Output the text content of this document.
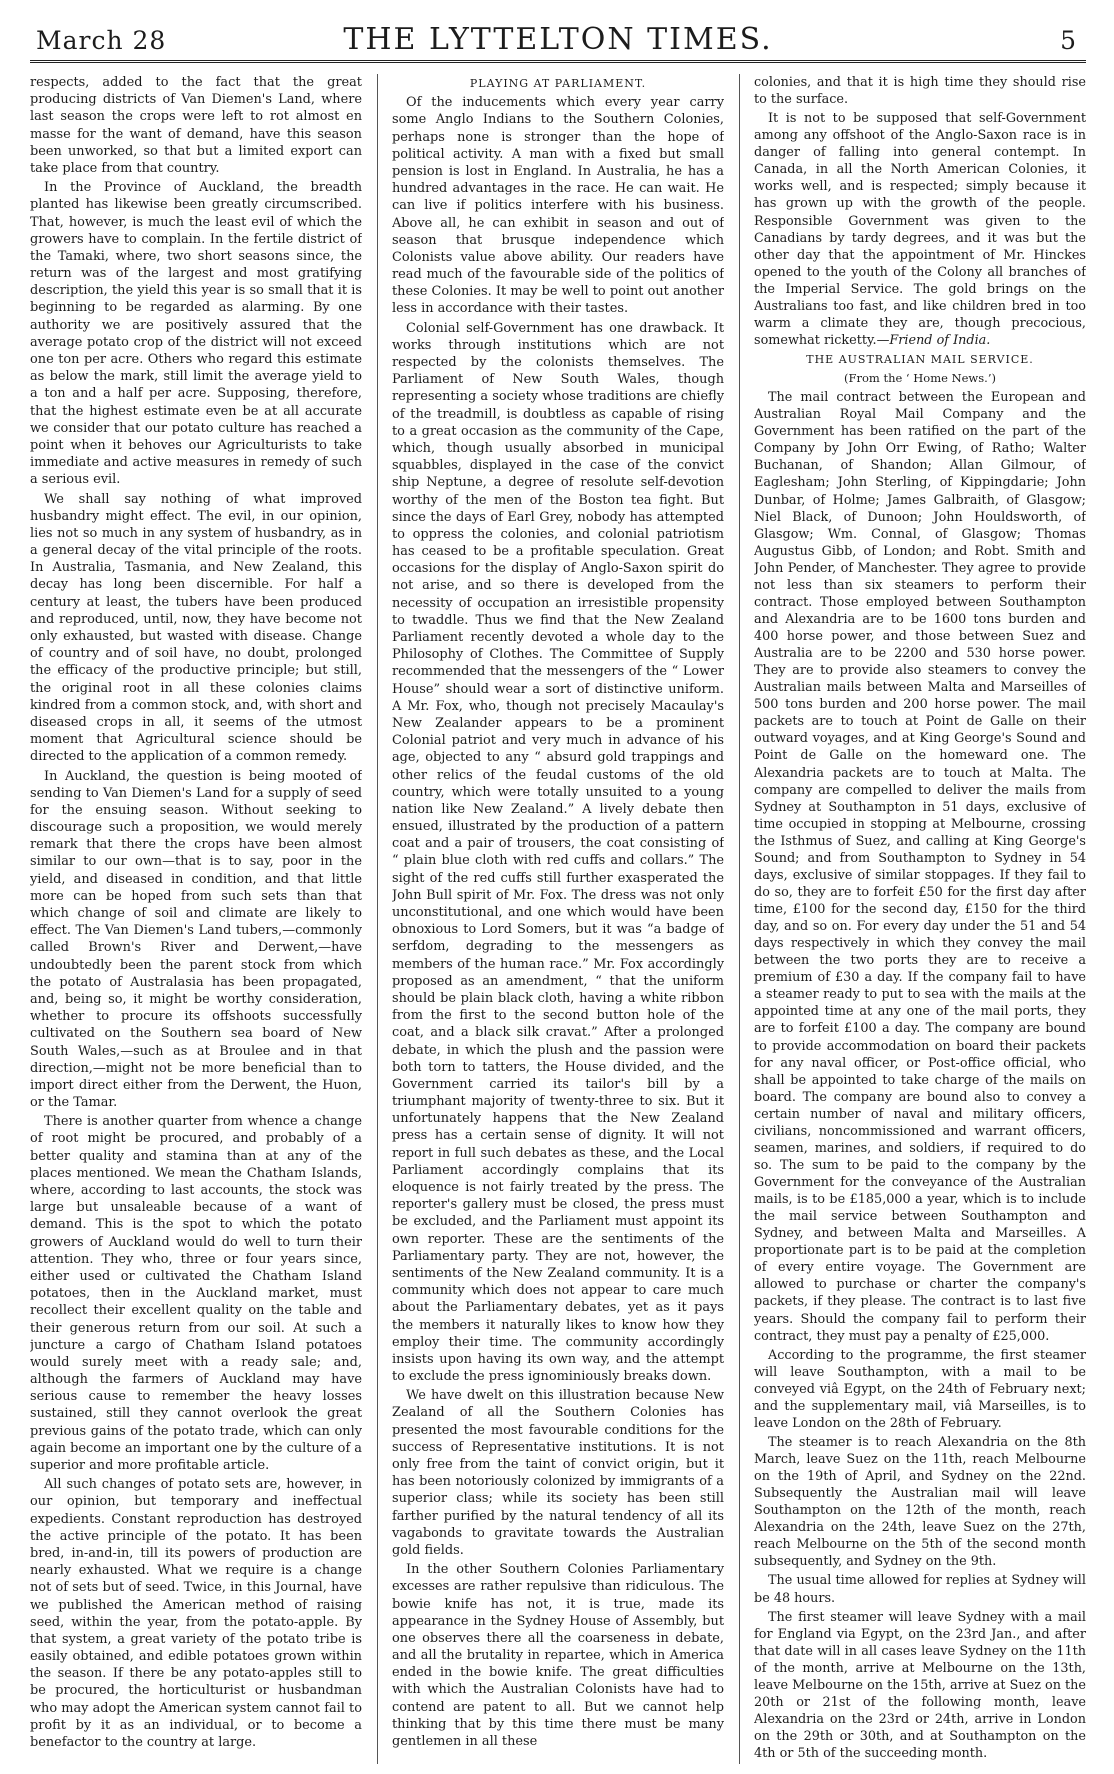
March 28	THE LYTTELTON TIMES.	5

respects, added to the fact that the great producing districts of Van Diemen's Land, where last season the crops were left to rot almost en masse for the want of demand, have this season been unworked, so that but a limited export can take place from that country.

In the Province of Auckland, the breadth planted has likewise been greatly circumscribed. That, however, is much the least evil of which the growers have to complain. In the fertile district of the Tamaki, where, two short seasons since, the return was of the largest and most gratifying description, the yield this year is so small that it is beginning to be regarded as alarming. By one authority we are positively assured that the average potato crop of the district will not exceed one ton per acre. Others who regard this estimate as below the mark, still limit the average yield to a ton and a half per acre. Supposing, therefore, that the highest estimate even be at all accurate we consider that our potato culture has reached a point when it behoves our Agriculturists to take immediate and active measures in remedy of such a serious evil.

We shall say nothing of what improved husbandry might effect. The evil, in our opinion, lies not so much in any system of husbandry, as in a general decay of the vital principle of the roots. In Australia, Tasmania, and New Zealand, this decay has long been discernible. For half a century at least, the tubers have been produced and reproduced, until, now, they have become not only exhausted, but wasted with disease. Change of country and of soil have, no doubt, prolonged the efficacy of the productive principle; but still, the original root in all these colonies claims kindred from a common stock, and, with short and diseased crops in all, it seems of the utmost moment that Agricultural science should be directed to the application of a common remedy.

In Auckland, the question is being mooted of sending to Van Diemen's Land for a supply of seed for the ensuing season. Without seeking to discourage such a proposition, we would merely remark that there the crops have been almost similar to our own—that is to say, poor in the yield, and diseased in condition, and that little more can be hoped from such sets than that which change of soil and climate are likely to effect. The Van Diemen's Land tubers,—commonly called Brown's River and Derwent,—have undoubtedly been the parent stock from which the potato of Australasia has been propagated, and, being so, it might be worthy consideration, whether to procure its offshoots successfully cultivated on the Southern sea board of New South Wales,—such as at Broulee and in that direction,—might not be more beneficial than to import direct either from the Derwent, the Huon, or the Tamar.

There is another quarter from whence a change of root might be procured, and probably of a better quality and stamina than at any of the places mentioned. We mean the Chatham Islands, where, according to last accounts, the stock was large but unsaleable because of a want of demand. This is the spot to which the potato growers of Auckland would do well to turn their attention. They who, three or four years since, either used or cultivated the Chatham Island potatoes, then in the Auckland market, must recollect their excellent quality on the table and their generous return from our soil. At such a juncture a cargo of Chatham Island potatoes would surely meet with a ready sale; and, although the farmers of Auckland may have serious cause to remember the heavy losses sustained, still they cannot overlook the great previous gains of the potato trade, which can only again become an important one by the culture of a superior and more profitable article.

All such changes of potato sets are, however, in our opinion, but temporary and ineffectual expedients. Constant reproduction has destroyed the active principle of the potato. It has been bred, in-and-in, till its powers of production are nearly exhausted. What we require is a change not of sets but of seed. Twice, in this Journal, have we published the American method of raising seed, within the year, from the potato-apple. By that system, a great variety of the potato tribe is easily obtained, and edible potatoes grown within the season. If there be any potato-apples still to be procured, the horticulturist or husbandman who may adopt the American system cannot fail to profit by it as an individual, or to become a benefactor to the country at large.

PLAYING AT PARLIAMENT.

Of the inducements which every year carry some Anglo Indians to the Southern Colonies, perhaps none is stronger than the hope of political activity. A man with a fixed but small pension is lost in England. In Australia, he has a hundred advantages in the race. He can wait. He can live if politics interfere with his business. Above all, he can exhibit in season and out of season that brusque independence which Colonists value above ability. Our readers have read much of the favourable side of the politics of these Colonies. It may be well to point out another less in accordance with their tastes.

Colonial self-Government has one drawback. It works through institutions which are not respected by the colonists themselves. The Parliament of New South Wales, though representing a society whose traditions are chiefly of the treadmill, is doubtless as capable of rising to a great occasion as the community of the Cape, which, though usually absorbed in municipal squabbles, displayed in the case of the convict ship Neptune, a degree of resolute self-devotion worthy of the men of the Boston tea fight. But since the days of Earl Grey, nobody has attempted to oppress the colonies, and colonial patriotism has ceased to be a profitable speculation. Great occasions for the display of Anglo-Saxon spirit do not arise, and so there is developed from the necessity of occupation an irresistible propensity to twaddle. Thus we find that the New Zealand Parliament recently devoted a whole day to the Philosophy of Clothes. The Committee of Supply recommended that the messengers of the “ Lower House” should wear a sort of distinctive uniform. A Mr. Fox, who, though not precisely Macaulay's New Zealander appears to be a prominent Colonial patriot and very much in advance of his age, objected to any “ absurd gold trappings and other relics of the feudal customs of the old country, which were totally unsuited to a young nation like New Zealand.” A lively debate then ensued, illustrated by the production of a pattern coat and a pair of trousers, the coat consisting of “ plain blue cloth with red cuffs and collars.” The sight of the red cuffs still further exasperated the John Bull spirit of Mr. Fox. The dress was not only unconstitutional, and one which would have been obnoxious to Lord Somers, but it was “a badge of serfdom, degrading to the messengers as members of the human race.” Mr. Fox accordingly proposed as an amendment, “ that the uniform should be plain black cloth, having a white ribbon from the first to the second button hole of the coat, and a black silk cravat.” After a prolonged debate, in which the plush and the passion were both torn to tatters, the House divided, and the Government carried its tailor's bill by a triumphant majority of twenty-three to six. But it unfortunately happens that the New Zealand press has a certain sense of dignity. It will not report in full such debates as these, and the Local Parliament accordingly complains that its eloquence is not fairly treated by the press. The reporter's gallery must be closed, the press must be excluded, and the Parliament must appoint its own reporter. These are the sentiments of the Parliamentary party. They are not, however, the sentiments of the New Zealand community. It is a community which does not appear to care much about the Parliamentary debates, yet as it pays the members it naturally likes to know how they employ their time. The community accordingly insists upon having its own way, and the attempt to exclude the press ignominiously breaks down.

We have dwelt on this illustration because New Zealand of all the Southern Colonies has presented the most favourable conditions for the success of Representative institutions. It is not only free from the taint of convict origin, but it has been notoriously colonized by immigrants of a superior class; while its society has been still farther purified by the natural tendency of all its vagabonds to gravitate towards the Australian gold fields.

In the other Southern Colonies Parliamentary excesses are rather repulsive than ridiculous. The bowie knife has not, it is true, made its appearance in the Sydney House of Assembly, but one observes there all the coarseness in debate, and all the brutality in repartee, which in America ended in the bowie knife. The great difficulties with which the Australian Colonists have had to contend are patent to all. But we cannot help thinking that by this time there must be many gentlemen in all these

colonies, and that it is high time they should rise to the surface.

It is not to be supposed that self-Government among any offshoot of the Anglo-Saxon race is in danger of falling into general contempt. In Canada, in all the North American Colonies, it works well, and is respected; simply because it has grown up with the growth of the people. Responsible Government was given to the Canadians by tardy degrees, and it was but the other day that the appointment of Mr. Hinckes opened to the youth of the Colony all branches of the Imperial Service. The gold brings on the Australians too fast, and like children bred in too warm a climate they are, though precocious, somewhat ricketty.—Friend of India.

THE AUSTRALIAN MAIL SERVICE.
(From the ‘ Home News.’)

The mail contract between the European and Australian Royal Mail Company and the Government has been ratified on the part of the Company by John Orr Ewing, of Ratho; Walter Buchanan, of Shandon; Allan Gilmour, of Eaglesham; John Sterling, of Kippingdarie; John Dunbar, of Holme; James Galbraith, of Glasgow; Niel Black, of Dunoon; John Houldsworth, of Glasgow; Wm. Connal, of Glasgow; Thomas Augustus Gibb, of London; and Robt. Smith and John Pender, of Manchester. They agree to provide not less than six steamers to perform their contract. Those employed between Southampton and Alexandria are to be 1600 tons burden and 400 horse power, and those between Suez and Australia are to be 2200 and 530 horse power. They are to provide also steamers to convey the Australian mails between Malta and Marseilles of 500 tons burden and 200 horse power. The mail packets are to touch at Point de Galle on their outward voyages, and at King George's Sound and Point de Galle on the homeward one. The Alexandria packets are to touch at Malta. The company are compelled to deliver the mails from Sydney at Southampton in 51 days, exclusive of time occupied in stopping at Melbourne, crossing the Isthmus of Suez, and calling at King George's Sound; and from Southampton to Sydney in 54 days, exclusive of similar stoppages. If they fail to do so, they are to forfeit £50 for the first day after time, £100 for the second day, £150 for the third day, and so on. For every day under the 51 and 54 days respectively in which they convey the mail between the two ports they are to receive a premium of £30 a day. If the company fail to have a steamer ready to put to sea with the mails at the appointed time at any one of the mail ports, they are to forfeit £100 a day. The company are bound to provide accommodation on board their packets for any naval officer, or Post-office official, who shall be appointed to take charge of the mails on board. The company are bound also to convey a certain number of naval and military officers, civilians, noncommissioned and warrant officers, seamen, marines, and soldiers, if required to do so. The sum to be paid to the company by the Government for the conveyance of the Australian mails, is to be £185,000 a year, which is to include the mail service between Southampton and Sydney, and between Malta and Marseilles. A proportionate part is to be paid at the completion of every entire voyage. The Government are allowed to purchase or charter the company's packets, if they please. The contract is to last five years. Should the company fail to perform their contract, they must pay a penalty of £25,000.

According to the programme, the first steamer will leave Southampton, with a mail to be conveyed viâ Egypt, on the 24th of February next; and the supplementary mail, viâ Marseilles, is to leave London on the 28th of February.

The steamer is to reach Alexandria on the 8th March, leave Suez on the 11th, reach Melbourne on the 19th of April, and Sydney on the 22nd. Subsequently the Australian mail will leave Southampton on the 12th of the month, reach Alexandria on the 24th, leave Suez on the 27th, reach Melbourne on the 5th of the second month subsequently, and Sydney on the 9th.

The usual time allowed for replies at Sydney will be 48 hours.

The first steamer will leave Sydney with a mail for England via Egypt, on the 23rd Jan., and after that date will in all cases leave Sydney on the 11th of the month, arrive at Melbourne on the 13th, leave Melbourne on the 15th, arrive at Suez on the 20th or 21st of the following month, leave Alexandria on the 23rd or 24th, arrive in London on the 29th or 30th, and at Southampton on the 4th or 5th of the succeeding month.
